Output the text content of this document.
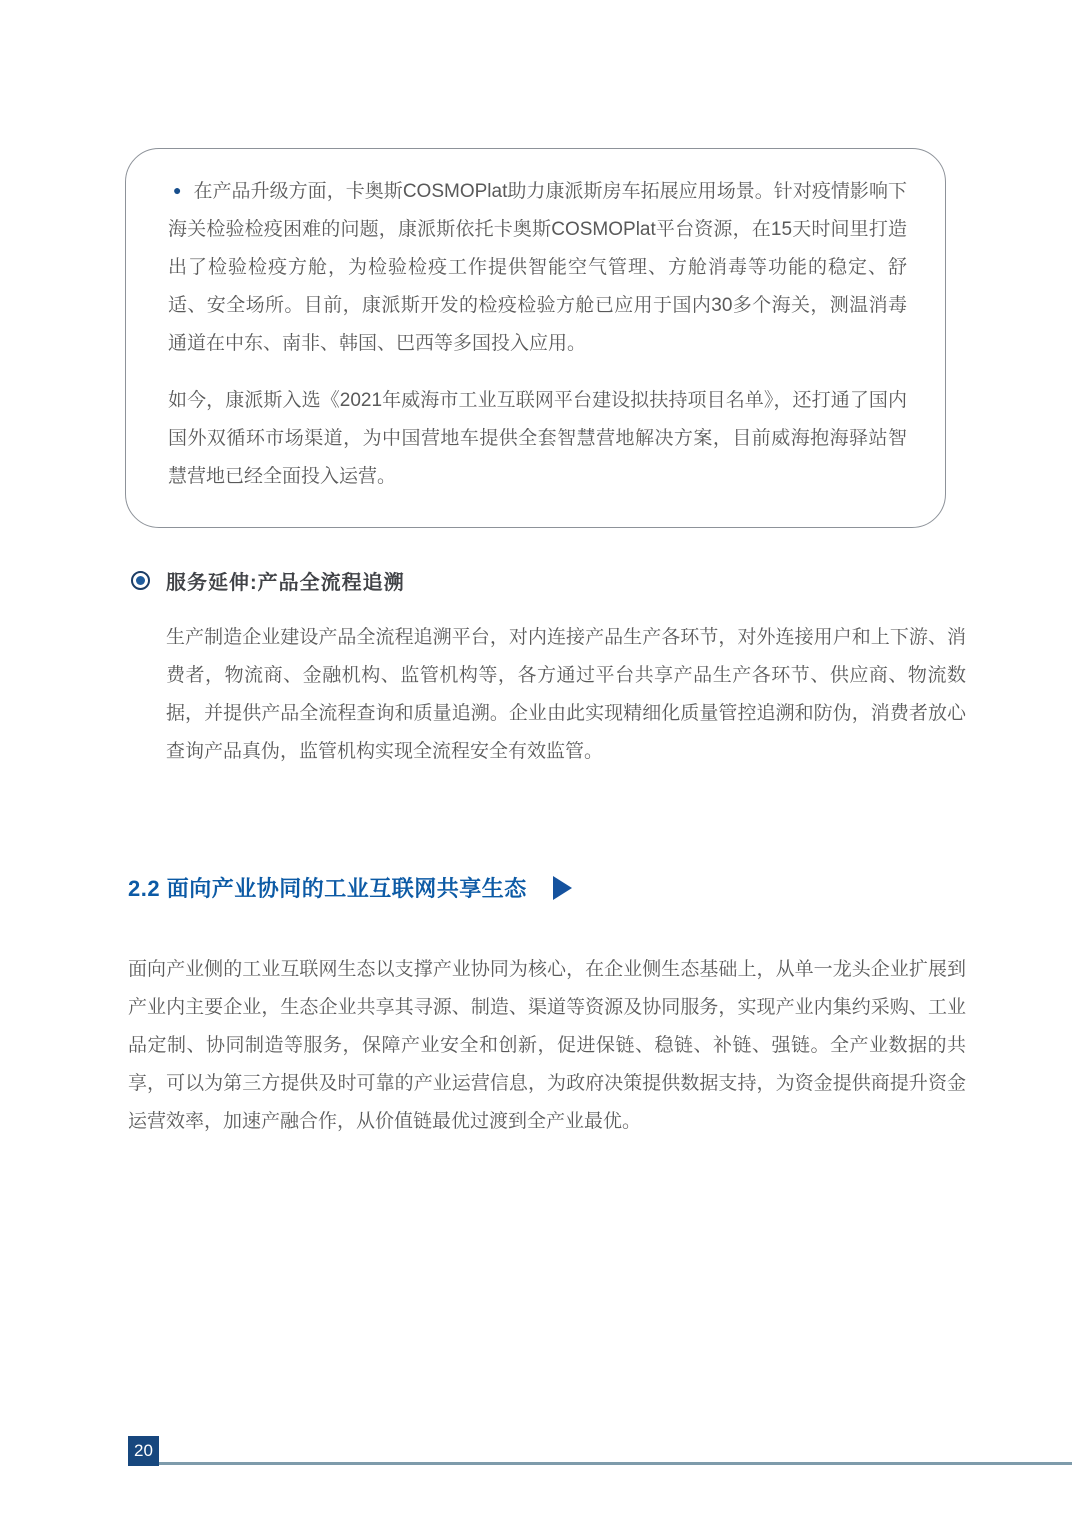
● 在产品升级方面，卡奥斯COSMOPlat助力康派斯房车拓展应用场景。针对疫情影响下海关检验检疫困难的问题，康派斯依托卡奥斯COSMOPlat平台资源，在15天时间里打造出了检验检疫方舱，为检验检疫工作提供智能空气管理、方舱消毒等功能的稳定、舒适、安全场所。目前，康派斯开发的检疫检验方舱已应用于国内30多个海关，测温消毒通道在中东、南非、韩国、巴西等多国投入应用。

如今，康派斯入选《2021年威海市工业互联网平台建设拟扶持项目名单》，还打通了国内国外双循环市场渠道，为中国营地车提供全套智慧营地解决方案，目前威海抱海驿站智慧营地已经全面投入运营。

服务延伸:产品全流程追溯

生产制造企业建设产品全流程追溯平台，对内连接产品生产各环节，对外连接用户和上下游、消费者，物流商、金融机构、监管机构等，各方通过平台共享产品生产各环节、供应商、物流数据，并提供产品全流程查询和质量追溯。企业由此实现精细化质量管控追溯和防伪，消费者放心查询产品真伪，监管机构实现全流程安全有效监管。

2.2 面向产业协同的工业互联网共享生态

面向产业侧的工业互联网生态以支撑产业协同为核心，在企业侧生态基础上，从单一龙头企业扩展到产业内主要企业，生态企业共享其寻源、制造、渠道等资源及协同服务，实现产业内集约采购、工业品定制、协同制造等服务，保障产业安全和创新，促进保链、稳链、补链、强链。全产业数据的共享，可以为第三方提供及时可靠的产业运营信息，为政府决策提供数据支持，为资金提供商提升资金运营效率，加速产融合作，从价值链最优过渡到全产业最优。

20
